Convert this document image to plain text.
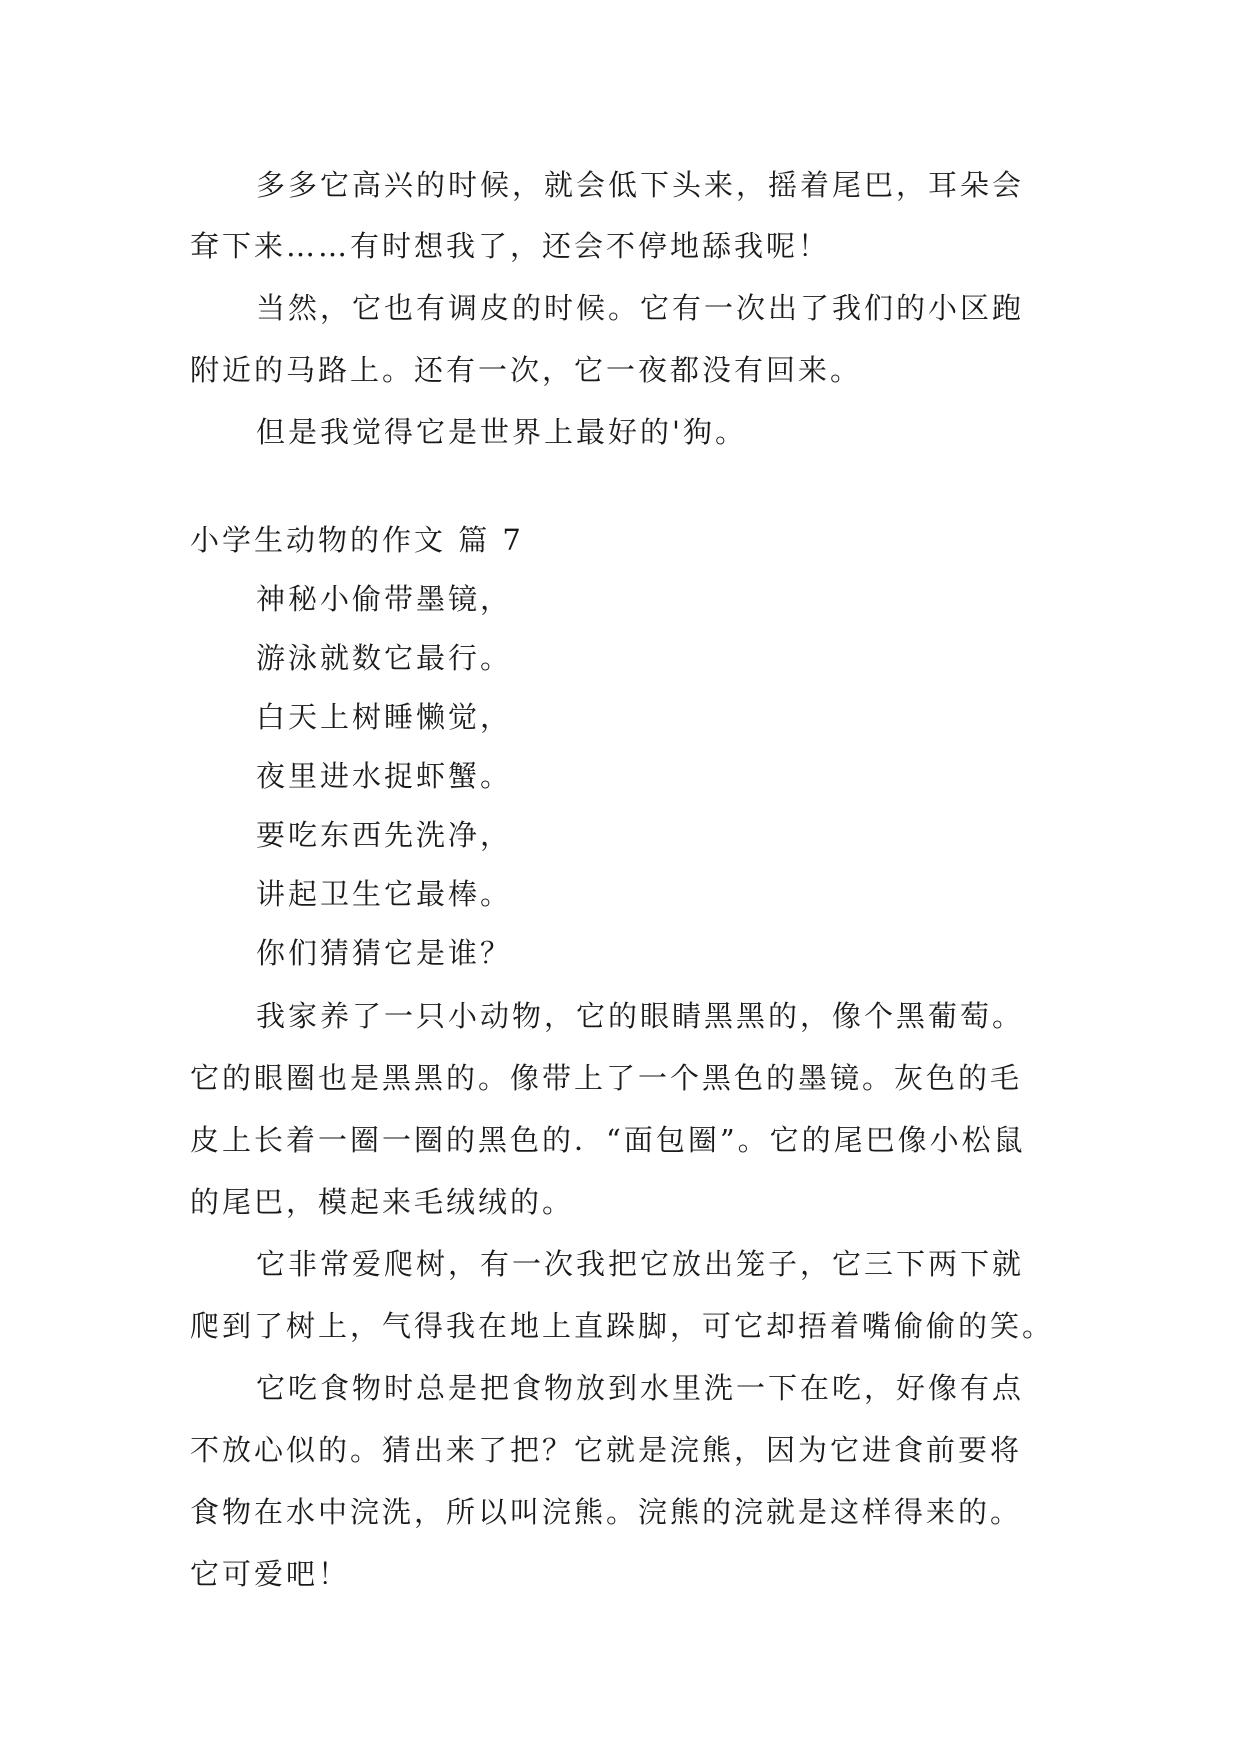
多多它高兴的时候，就会低下头来，摇着尾巴，耳朵会
耷下来……有时想我了，还会不停地舔我呢！
当然，它也有调皮的时候。它有一次出了我们的小区跑
附近的马路上。还有一次，它一夜都没有回来。
但是我觉得它是世界上最好的'狗。
小学生动物的作文 篇 7
神秘小偷带墨镜，
游泳就数它最行。
白天上树睡懒觉，
夜里进水捉虾蟹。
要吃东西先洗净，
讲起卫生它最棒。
你们猜猜它是谁？
我家养了一只小动物，它的眼睛黑黑的，像个黑葡萄。
它的眼圈也是黑黑的。像带上了一个黑色的墨镜。灰色的毛
皮上长着一圈一圈的黑色的．“面包圈”。它的尾巴像小松鼠
的尾巴，模起来毛绒绒的。
它非常爱爬树，有一次我把它放出笼子，它三下两下就
爬到了树上，气得我在地上直跺脚，可它却捂着嘴偷偷的笑。
它吃食物时总是把食物放到水里洗一下在吃，好像有点
不放心似的。猜出来了把？它就是浣熊，因为它进食前要将
食物在水中浣洗，所以叫浣熊。浣熊的浣就是这样得来的。
它可爱吧！
